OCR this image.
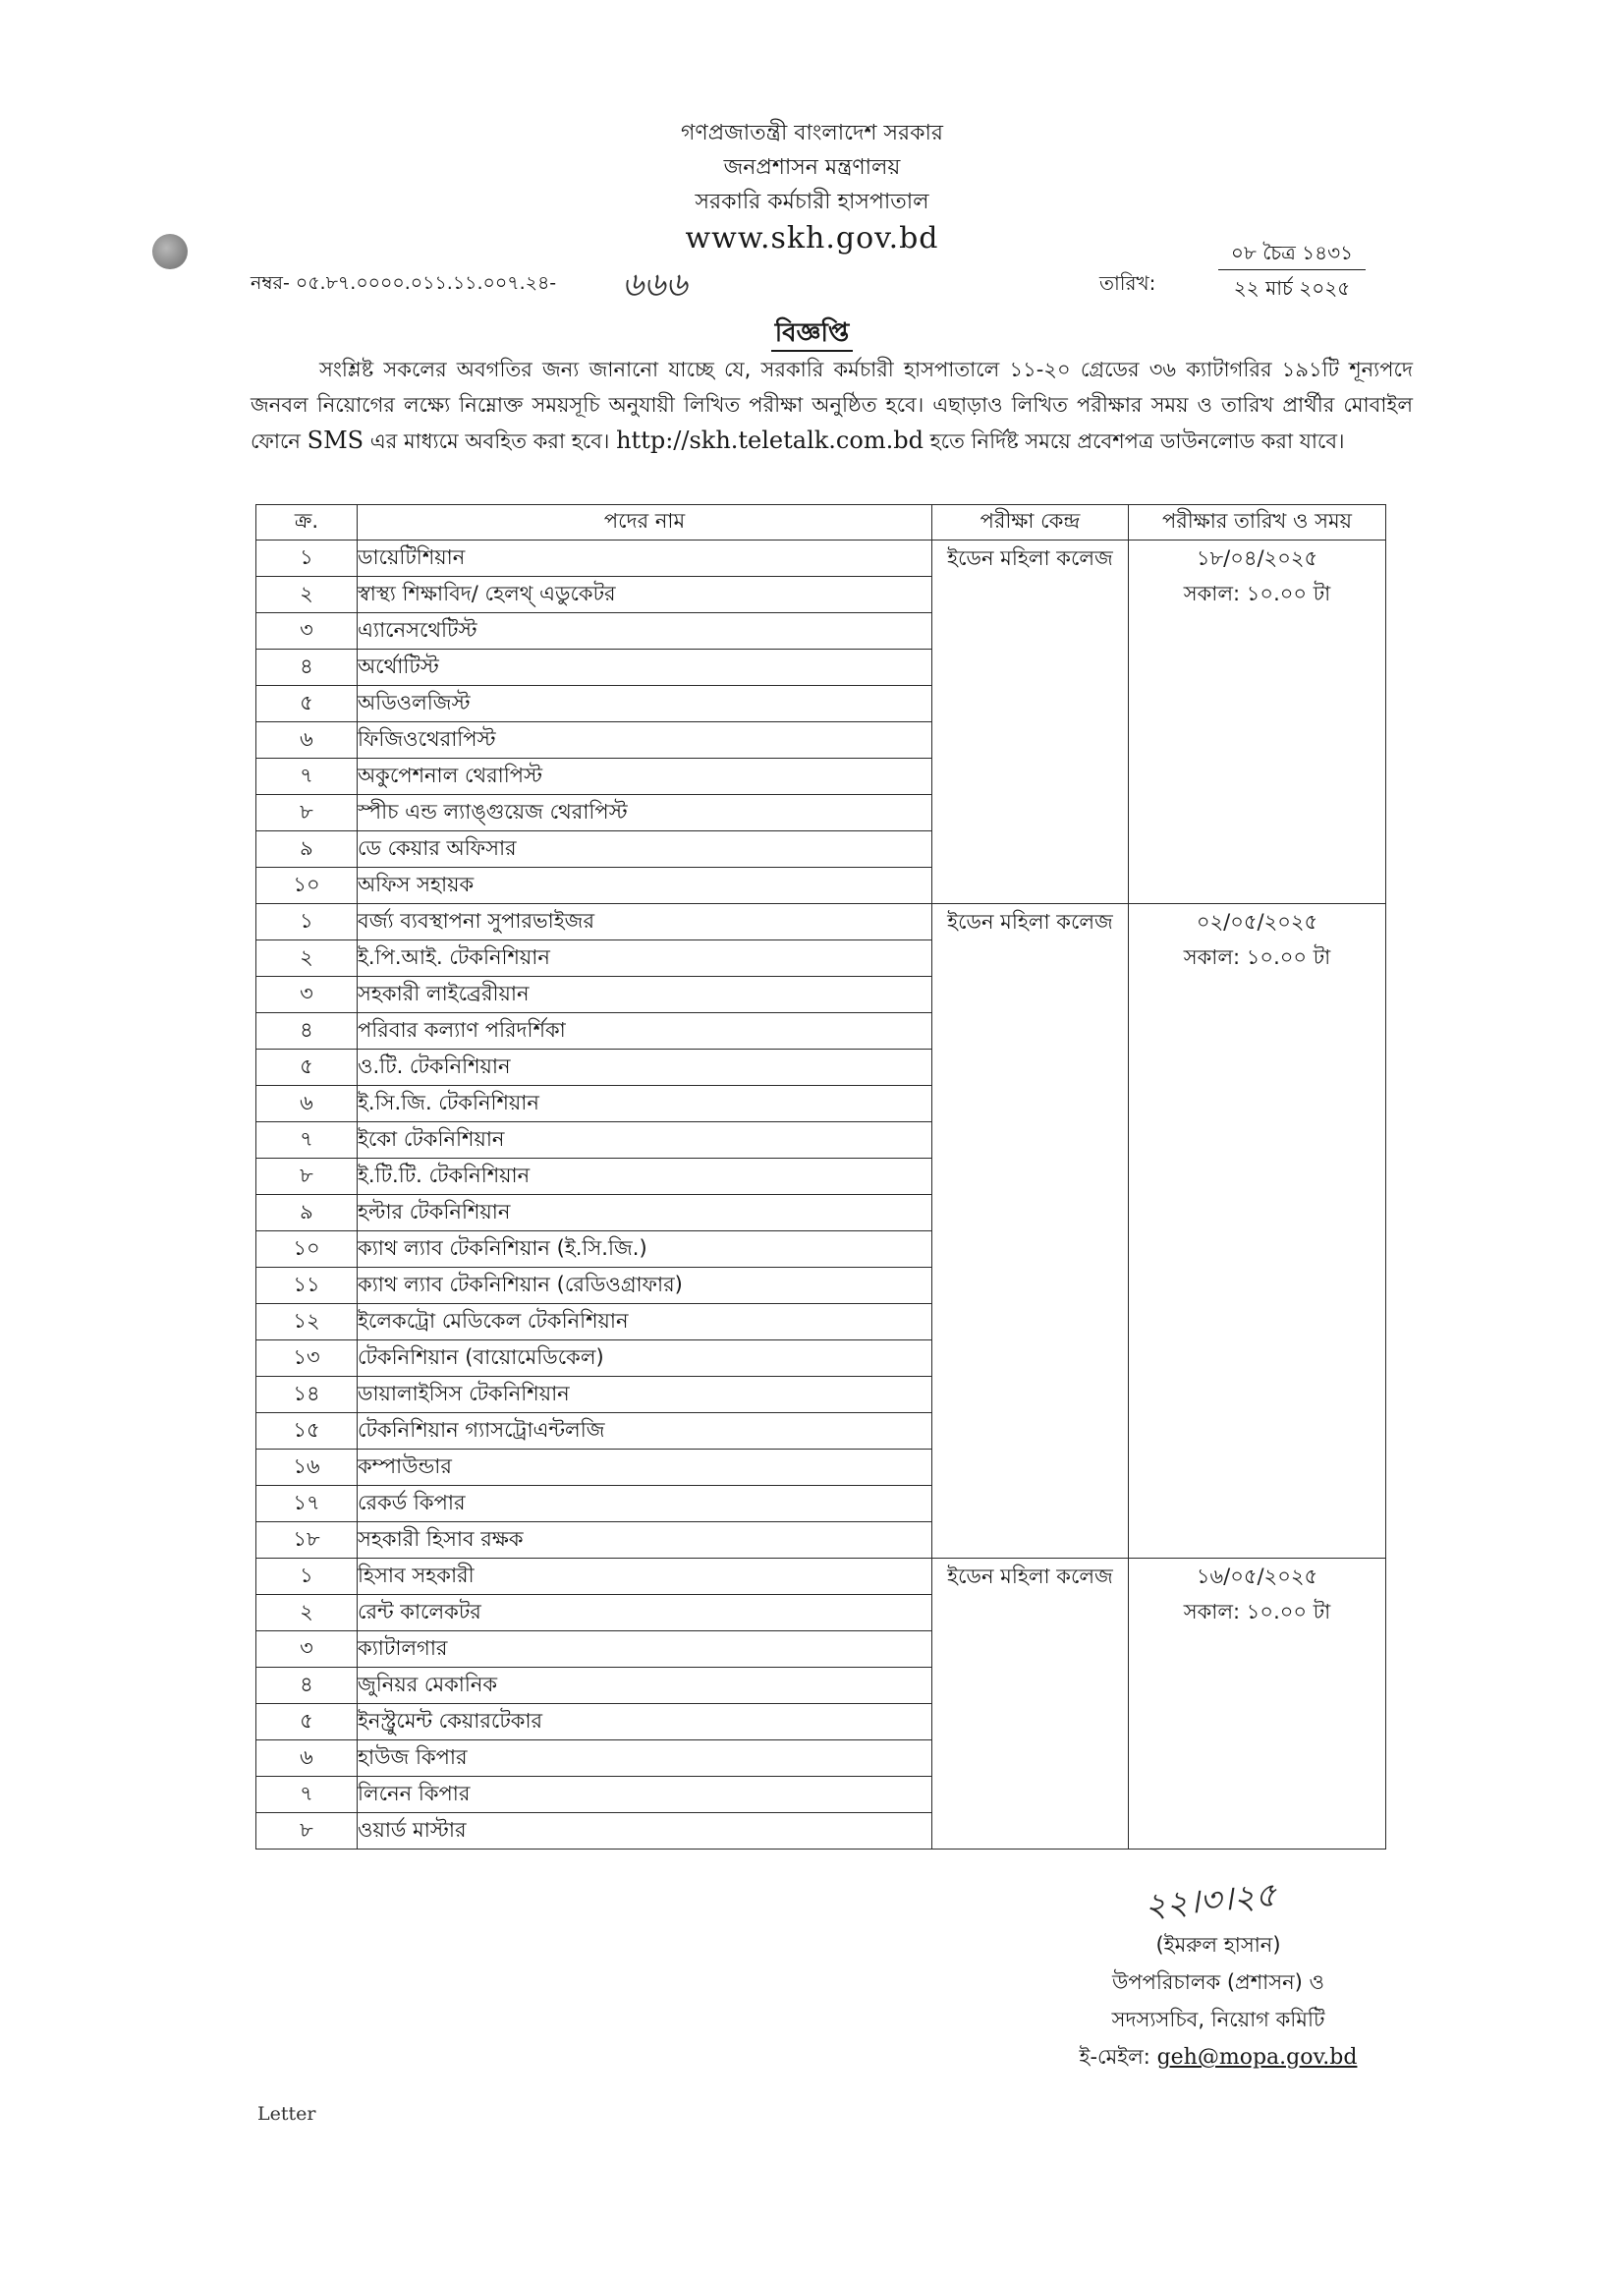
গণপ্রজাতন্ত্রী বাংলাদেশ সরকার
জনপ্রশাসন মন্ত্রণালয়
সরকারি কর্মচারী হাসপাতাল
www.skh.gov.bd
নম্বর- ০৫.৮৭.০০০০.০১১.১১.০০৭.২৪- ৬৬৬	তারিখ:
০৮ চৈত্র ১৪৩১
২২ মার্চ ২০২৫
বিজ্ঞপ্তি
সংশ্লিষ্ট সকলের অবগতির জন্য জানানো যাচ্ছে যে, সরকারি কর্মচারী হাসপাতালে ১১-২০ গ্রেডের ৩৬ ক্যাটাগরির ১৯১টি শূন্যপদে জনবল নিয়োগের লক্ষ্যে নিম্নোক্ত সময়সূচি অনুযায়ী লিখিত পরীক্ষা অনুষ্ঠিত হবে। এছাড়াও লিখিত পরীক্ষার সময় ও তারিখ প্রার্থীর মোবাইল ফোনে SMS এর মাধ্যমে অবহিত করা হবে। http://skh.teletalk.com.bd হতে নির্দিষ্ট সময়ে প্রবেশপত্র ডাউনলোড করা যাবে।
ক্র.	পদের নাম	পরীক্ষা কেন্দ্র	পরীক্ষার তারিখ ও সময়
১	ডায়েটিশিয়ান	ইডেন মহিলা কলেজ	১৮/০৪/২০২৫
সকাল: ১০.০০ টা

২	স্বাস্থ্য শিক্ষাবিদ/ হেলথ্ এডুকেটর		
৩	এ্যানেসথেটিস্ট		
৪	অর্থোটিস্ট		
৫	অডিওলজিস্ট		
৬	ফিজিওথেরাপিস্ট		
৭	অকুপেশনাল থেরাপিস্ট		
৮	স্পীচ এন্ড ল্যাঙ্গুয়েজ থেরাপিস্ট		
৯	ডে কেয়ার অফিসার		
১০	অফিস সহায়ক		
১	বর্জ্য ব্যবস্থাপনা সুপারভাইজর	ইডেন মহিলা কলেজ	০২/০৫/২০২৫
সকাল: ১০.০০ টা

২	ই.পি.আই. টেকনিশিয়ান		
৩	সহকারী লাইব্রেরীয়ান		
৪	পরিবার কল্যাণ পরিদর্শিকা		
৫	ও.টি. টেকনিশিয়ান		
৬	ই.সি.জি. টেকনিশিয়ান		
৭	ইকো টেকনিশিয়ান		
৮	ই.টি.টি. টেকনিশিয়ান		
৯	হল্টার টেকনিশিয়ান		
১০	ক্যাথ ল্যাব টেকনিশিয়ান (ই.সি.জি.)		
১১	ক্যাথ ল্যাব টেকনিশিয়ান (রেডিওগ্রাফার)		
১২	ইলেকট্রো মেডিকেল টেকনিশিয়ান		
১৩	টেকনিশিয়ান (বায়োমেডিকেল)		
১৪	ডায়ালাইসিস টেকনিশিয়ান		
১৫	টেকনিশিয়ান গ্যাসট্রোএন্টলজি		
১৬	কম্পাউন্ডার		
১৭	রেকর্ড কিপার		
১৮	সহকারী হিসাব রক্ষক		
১	হিসাব সহকারী	ইডেন মহিলা কলেজ	১৬/০৫/২০২৫
সকাল: ১০.০০ টা

২	রেন্ট কালেকটর		
৩	ক্যাটালগার		
৪	জুনিয়র মেকানিক		
৫	ইনস্ট্রুমেন্ট কেয়ারটেকার		
৬	হাউজ কিপার		
৭	লিনেন কিপার		
৮	ওয়ার্ড মাস্টার		
২২।৩।২৫
(ইমরুল হাসান)
উপপরিচালক (প্রশাসন) ও
সদস্যসচিব, নিয়োগ কমিটি
ই-মেইল: geh@mopa.gov.bd
Letter
